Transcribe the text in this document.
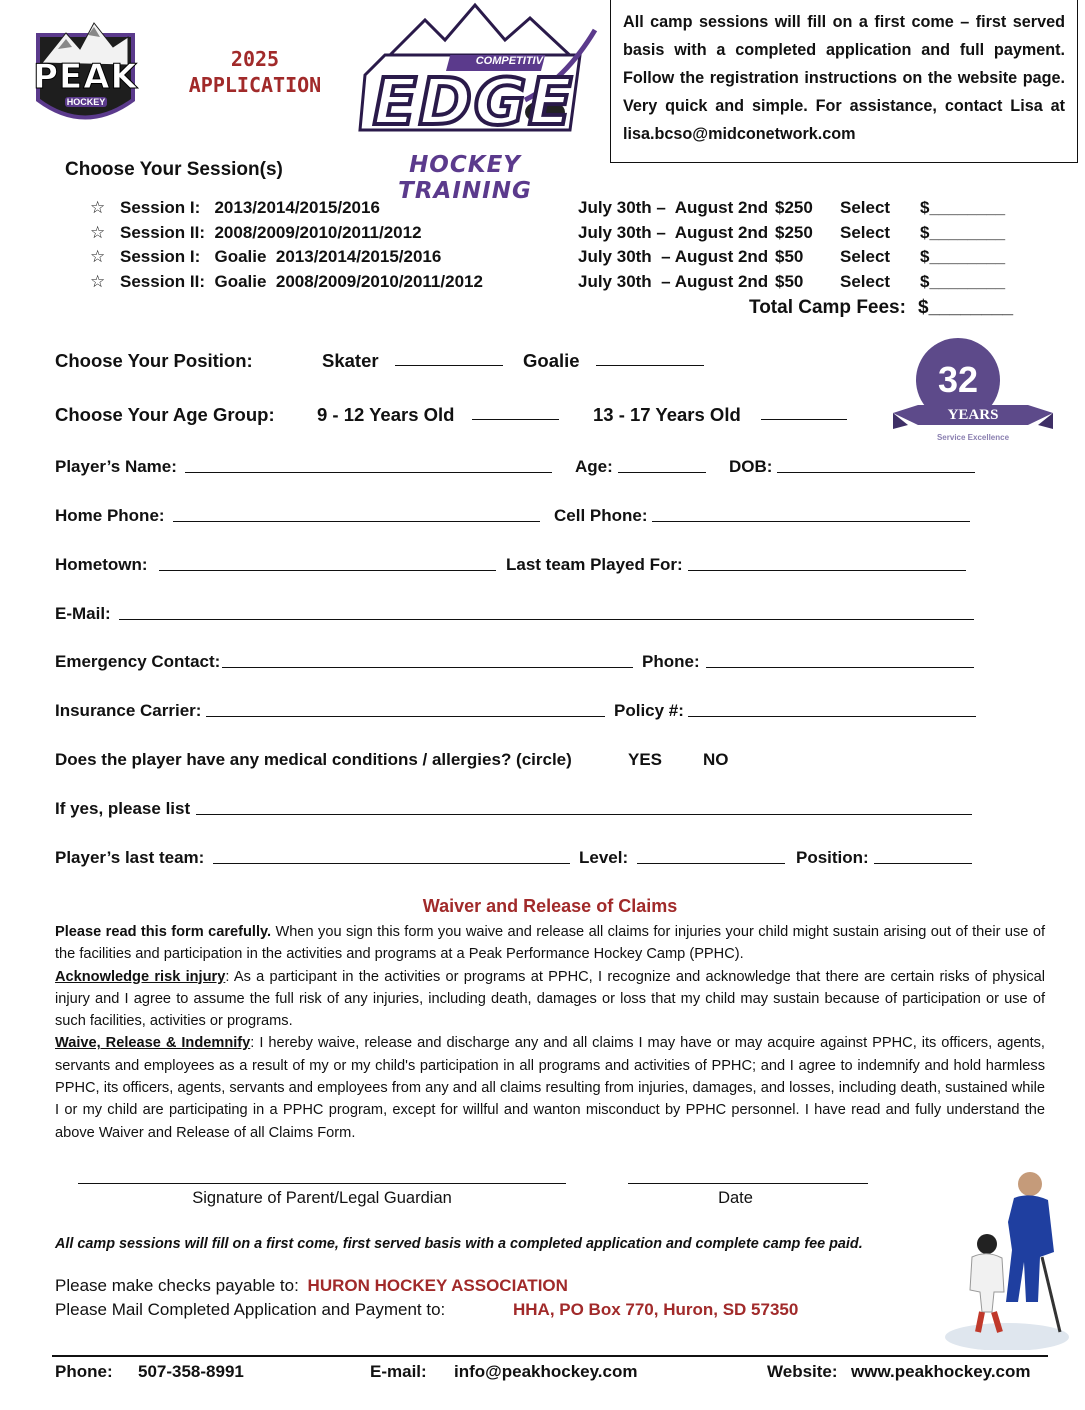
PEAK
HOCKEY
2025
APPLICATION
COMPETITIVE
EDGE
HOCKEY TRAINING
All camp sessions will fill on a first come – first served basis with a completed application and full payment. Follow the registration instructions on the website page. Very quick and simple. For assistance, contact Lisa at lisa.bcso@midconetwork.com
Choose Your Session(s)
☆ Session I:   2013/2014/2015/2016	July 30th –  August 2nd $250 Select $________
☆ Session II:  2008/2009/2010/2011/2012	July 30th –  August 2nd $250 Select $________
☆ Session I:   Goalie  2013/2014/2015/2016	July 30th  – August 2nd $50 Select $________
☆ Session II:  Goalie  2008/2009/2010/2011/2012	July 30th  – August 2nd $50 Select $________
Total Camp Fees: $________
32
YEARS
Service Excellence
Choose Your Position:	Skater	Goalie
Choose Your Age Group: 9 - 12 Years Old	13 - 17 Years Old
Player’s Name:	Age:	DOB:
Home Phone:	Cell Phone:
Hometown:	Last team Played For:
E-Mail:
Emergency Contact:	Phone:
Insurance Carrier:	Policy #:
Does the player have any medical conditions / allergies? (circle)	YES NO
If yes, please list
Player’s last team:	Level:	Position:
Waiver and Release of Claims

Please read this form carefully. When you sign this form you waive and release all claims for injuries your child might sustain arising out of their use of the facilities and participation in the activities and programs at a Peak Performance Hockey Camp (PPHC).

Acknowledge risk injury: As a participant in the activities or programs at PPHC, I recognize and acknowledge that there are certain risks of physical injury and I agree to assume the full risk of any injuries, including death, damages or loss that my child may sustain because of participation or use of such facilities, activities or programs.

Waive, Release & Indemnify: I hereby waive, release and discharge any and all claims I may have or may acquire against PPHC, its officers, agents, servants and employees as a result of my or my child's participation in all programs and activities of PPHC; and I agree to indemnify and hold harmless PPHC, its officers, agents, servants and employees from any and all claims resulting from injuries, damages, and losses, including death, sustained while I or my child are participating in a PPHC program, except for willful and wanton misconduct by PPHC personnel. I have read and fully understand the above Waiver and Release of all Claims Form.

Signature of Parent/Legal Guardian	Date
All camp sessions will fill on a first come, first served basis with a completed application and complete camp fee paid.
Please make checks payable to: HURON HOCKEY ASSOCIATION
Please Mail Completed Application and Payment to:	HHA, PO Box 770, Huron, SD 57350
Phone: 507-358-8991	E-mail: info@peakhockey.com	Website: www.peakhockey.com
